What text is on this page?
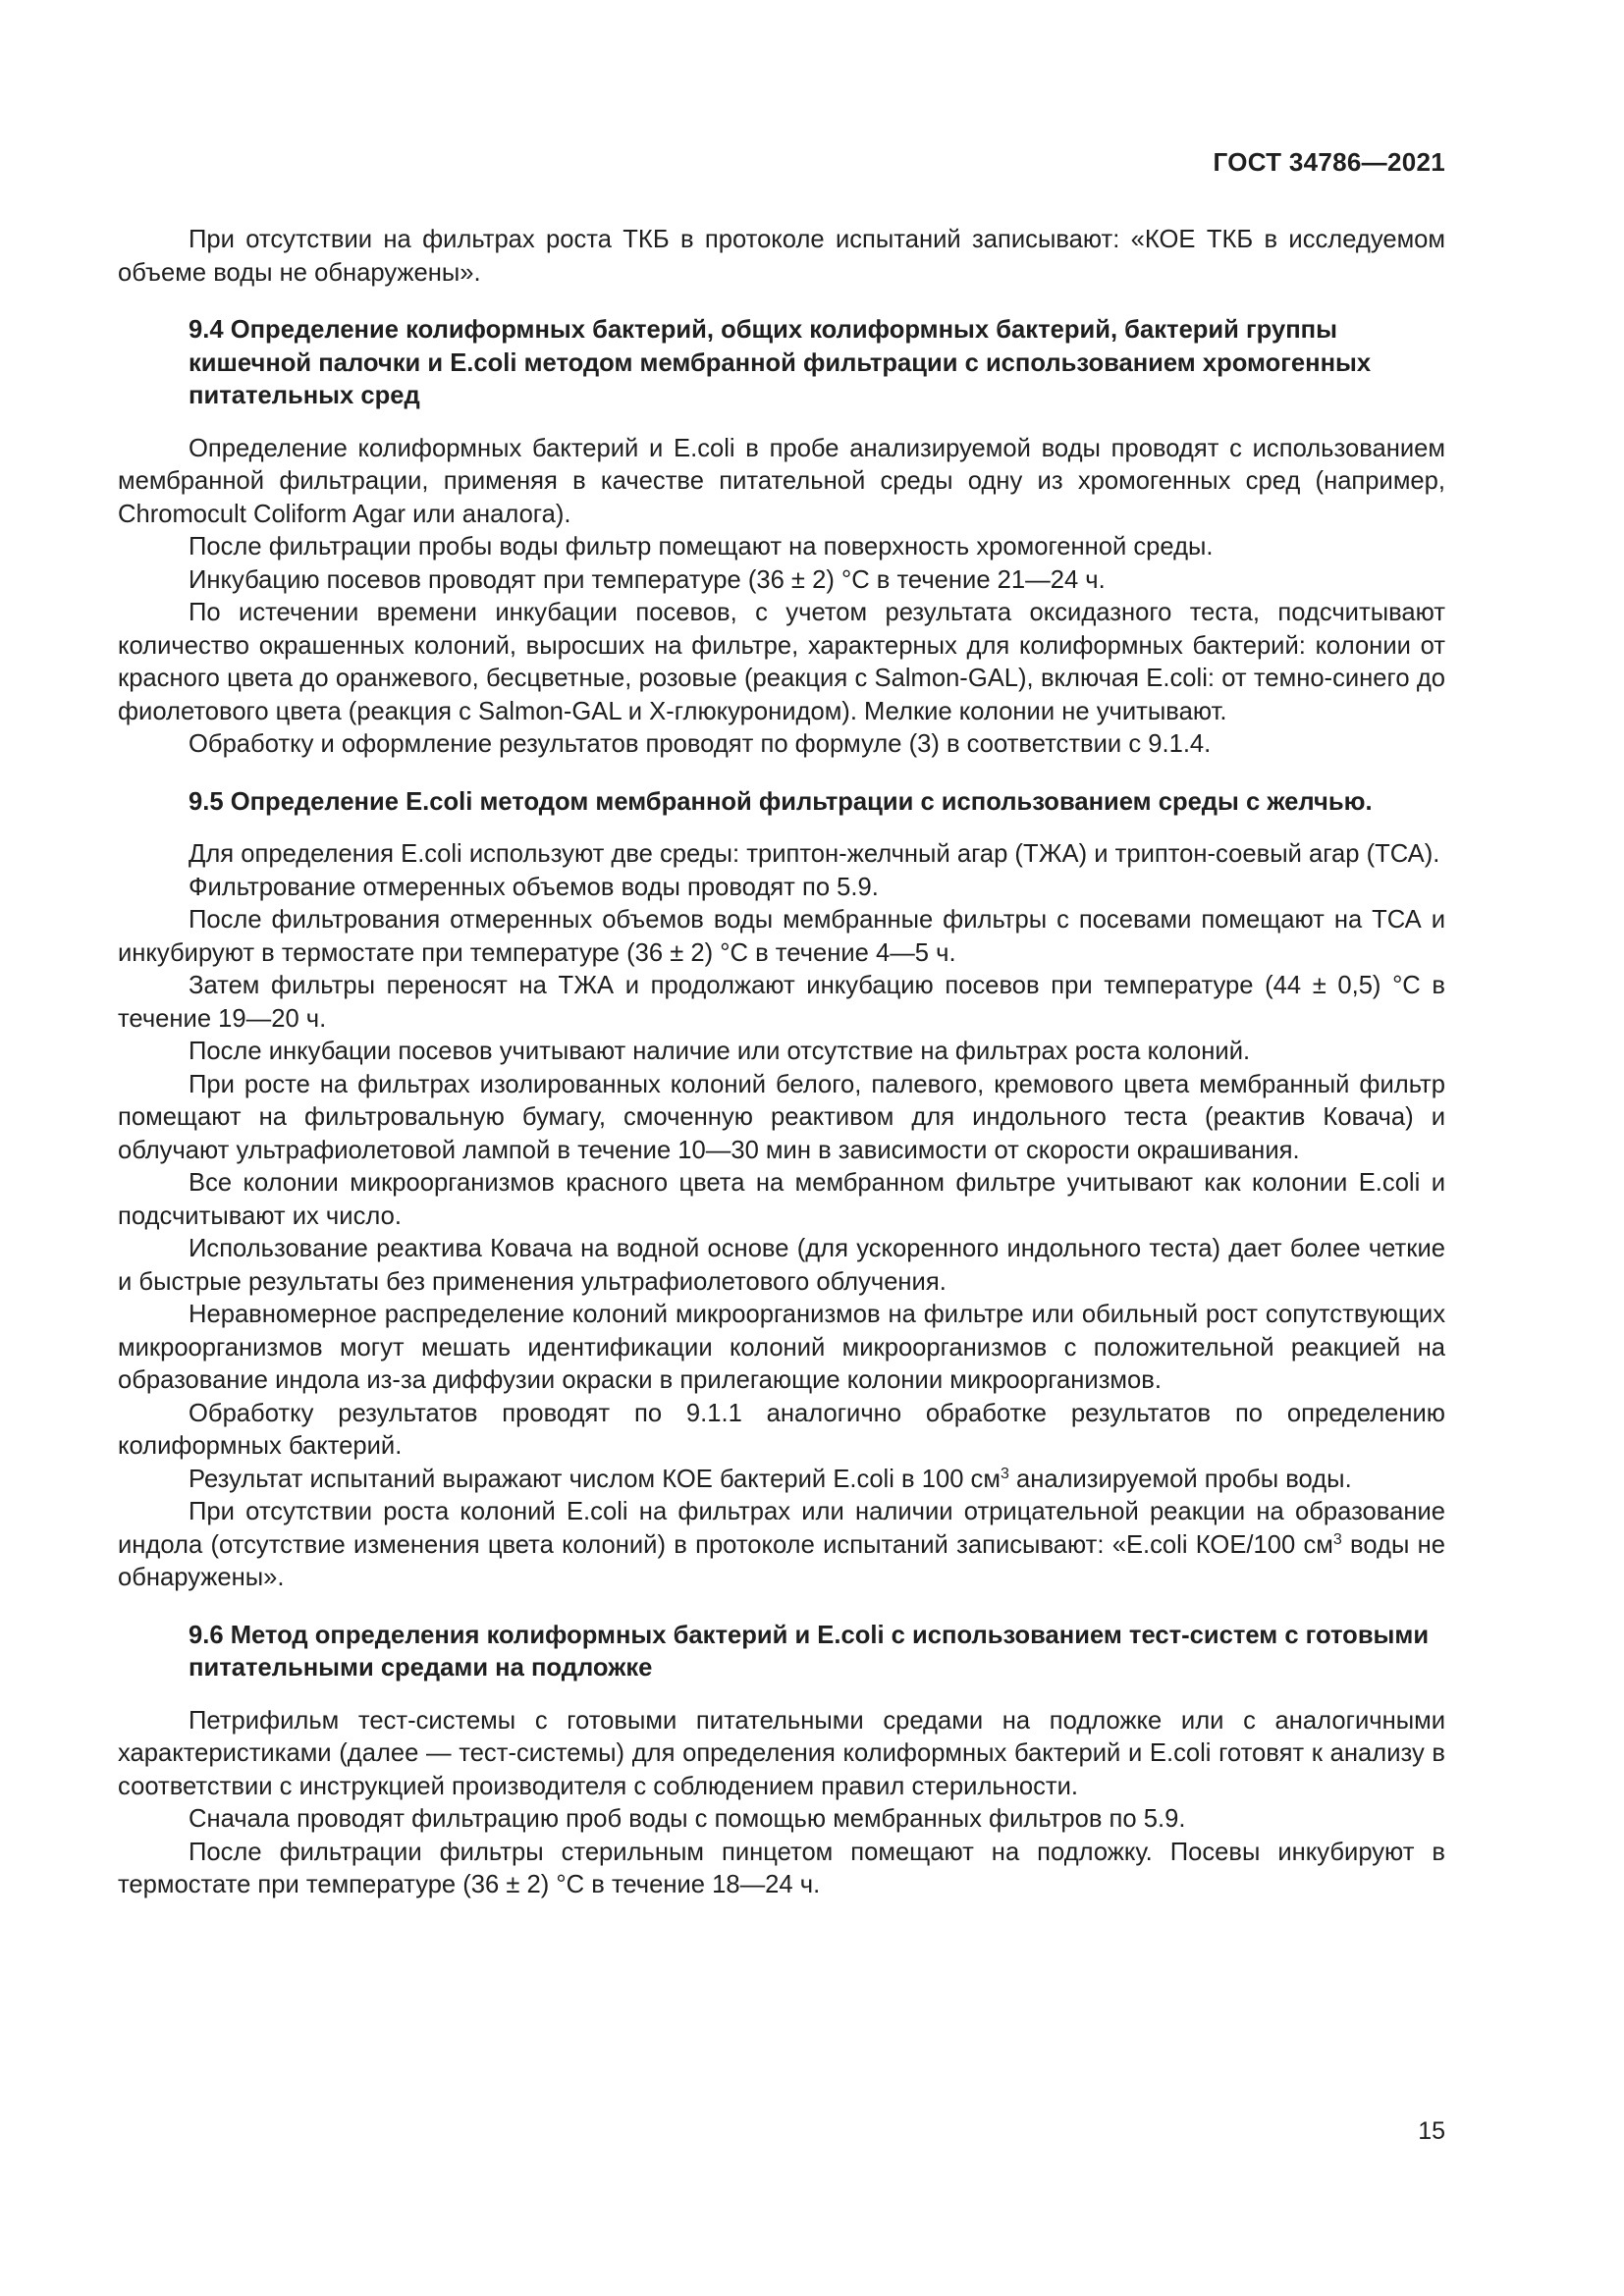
ГОСТ 34786—2021

При отсутствии на фильтрах роста ТКБ в протоколе испытаний записывают: «КОЕ ТКБ в исследуемом объеме воды не обнаружены».

9.4 Определение колиформных бактерий, общих колиформных бактерий, бактерий группы кишечной палочки и E.coli методом мембранной фильтрации с использованием хромогенных питательных сред

Определение колиформных бактерий и E.coli в пробе анализируемой воды проводят с использованием мембранной фильтрации, применяя в качестве питательной среды одну из хромогенных сред (например, Chromocult Coliform Agar или аналога).

После фильтрации пробы воды фильтр помещают на поверхность хромогенной среды.

Инкубацию посевов проводят при температуре (36 ± 2) °С в течение 21—24 ч.

По истечении времени инкубации посевов, с учетом результата оксидазного теста, подсчитывают количество окрашенных колоний, выросших на фильтре, характерных для колиформных бактерий: колонии от красного цвета до оранжевого, бесцветные, розовые (реакция с Salmon-GAL), включая E.coli: от темно-синего до фиолетового цвета (реакция с Salmon-GAL и X-глюкуронидом). Мелкие колонии не учитывают.

Обработку и оформление результатов проводят по формуле (3) в соответствии с 9.1.4.

9.5 Определение E.coli методом мембранной фильтрации с использованием среды с желчью.

Для определения E.coli используют две среды: триптон-желчный агар (ТЖА) и триптон-соевый агар (ТСА).

Фильтрование отмеренных объемов воды проводят по 5.9.

После фильтрования отмеренных объемов воды мембранные фильтры с посевами помещают на ТСА и инкубируют в термостате при температуре (36 ± 2) °С в течение 4—5 ч.

Затем фильтры переносят на ТЖА и продолжают инкубацию посевов при температуре (44 ± 0,5) °С в течение 19—20 ч.

После инкубации посевов учитывают наличие или отсутствие на фильтрах роста колоний.

При росте на фильтрах изолированных колоний белого, палевого, кремового цвета мембранный фильтр помещают на фильтровальную бумагу, смоченную реактивом для индольного теста (реактив Ковача) и облучают ультрафиолетовой лампой в течение 10—30 мин в зависимости от скорости окрашивания.

Все колонии микроорганизмов красного цвета на мембранном фильтре учитывают как колонии E.coli и подсчитывают их число.

Использование реактива Ковача на водной основе (для ускоренного индольного теста) дает более четкие и быстрые результаты без применения ультрафиолетового облучения.

Неравномерное распределение колоний микроорганизмов на фильтре или обильный рост сопутствующих микроорганизмов могут мешать идентификации колоний микроорганизмов с положительной реакцией на образование индола из-за диффузии окраски в прилегающие колонии микроорганизмов.

Обработку результатов проводят по 9.1.1 аналогично обработке результатов по определению колиформных бактерий.

Результат испытаний выражают числом КОЕ бактерий E.coli в 100 $см^3$ анализируемой пробы воды.

При отсутствии роста колоний E.coli на фильтрах или наличии отрицательной реакции на образование индола (отсутствие изменения цвета колоний) в протоколе испытаний записывают: «E.coli КОЕ/100 $см^3$ воды не обнаружены».

9.6 Метод определения колиформных бактерий и E.coli с использованием тест-систем с готовыми питательными средами на подложке

Петрифильм тест-системы с готовыми питательными средами на подложке или с аналогичными характеристиками (далее — тест-системы) для определения колиформных бактерий и E.coli готовят к анализу в соответствии с инструкцией производителя с соблюдением правил стерильности.

Сначала проводят фильтрацию проб воды с помощью мембранных фильтров по 5.9.

После фильтрации фильтры стерильным пинцетом помещают на подложку. Посевы инкубируют в термостате при температуре (36 ± 2) °С в течение 18—24 ч.

15
